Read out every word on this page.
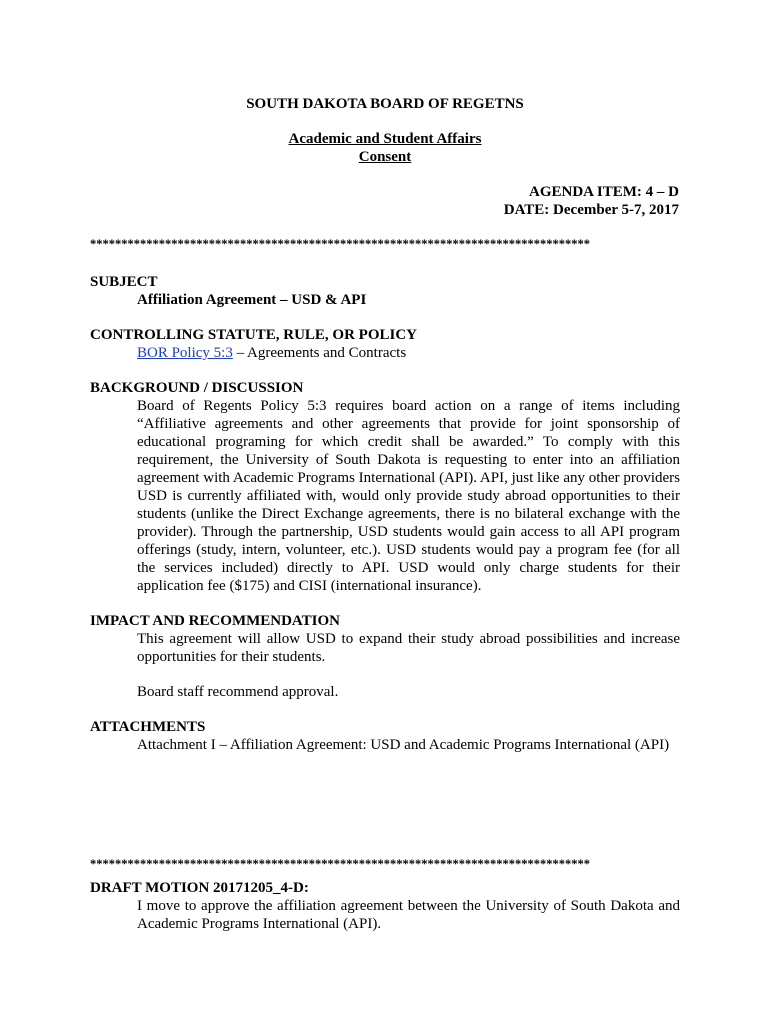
SOUTH DAKOTA BOARD OF REGETNS
Academic and Student Affairs
Consent
AGENDA ITEM: 4 – D
DATE: December 5-7, 2017
********************************************************************************
SUBJECT
Affiliation Agreement – USD & API
CONTROLLING STATUTE, RULE, OR POLICY
BOR Policy 5:3 – Agreements and Contracts
BACKGROUND / DISCUSSION
Board of Regents Policy 5:3 requires board action on a range of items including “Affiliative agreements and other agreements that provide for joint sponsorship of educational programing for which credit shall be awarded.” To comply with this requirement, the University of South Dakota is requesting to enter into an affiliation agreement with Academic Programs International (API). API, just like any other providers USD is currently affiliated with, would only provide study abroad opportunities to their students (unlike the Direct Exchange agreements, there is no bilateral exchange with the provider). Through the partnership, USD students would gain access to all API program offerings (study, intern, volunteer, etc.). USD students would pay a program fee (for all the services included) directly to API. USD would only charge students for their application fee ($175) and CISI (international insurance).
IMPACT AND RECOMMENDATION
This agreement will allow USD to expand their study abroad possibilities and increase opportunities for their students.
Board staff recommend approval.
ATTACHMENTS
Attachment I – Affiliation Agreement: USD and Academic Programs International (API)
********************************************************************************
DRAFT MOTION 20171205_4-D:
I move to approve the affiliation agreement between the University of South Dakota and Academic Programs International (API).
